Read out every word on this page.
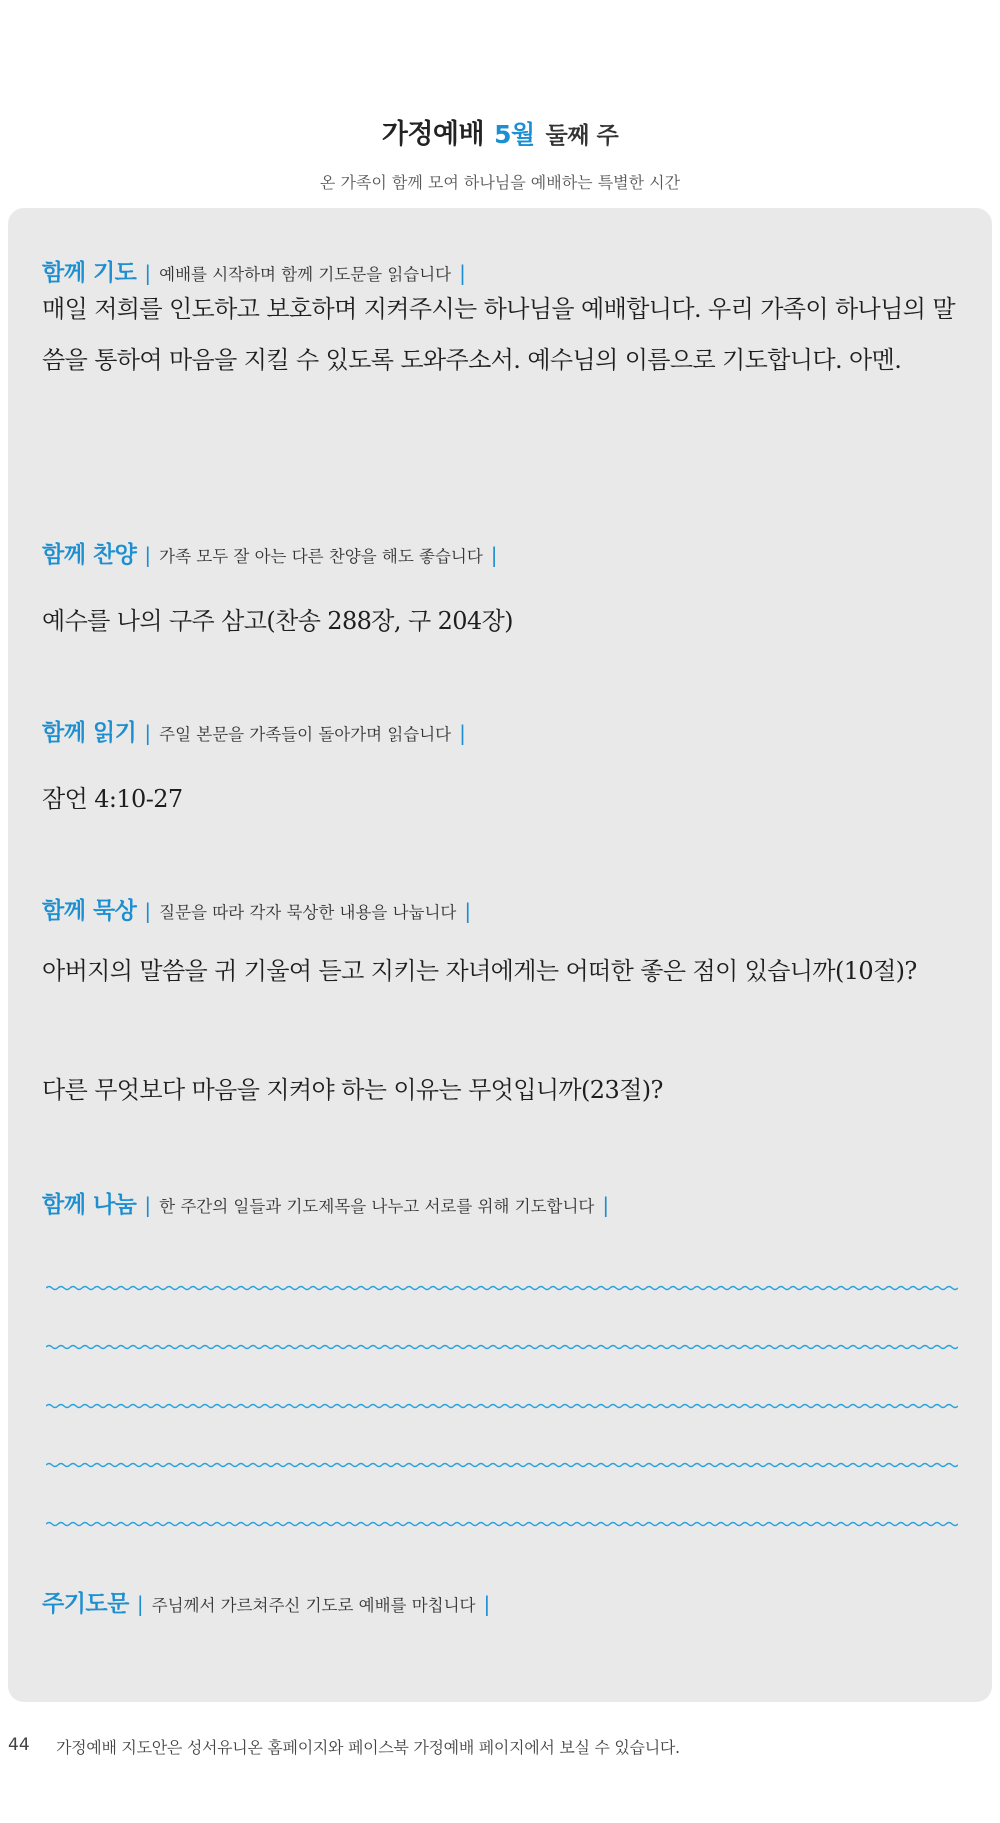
가정예배 5월 둘째 주
온 가족이 함께 모여 하나님을 예배하는 특별한 시간
함께 기도 | 예배를 시작하며 함께 기도문을 읽습니다 |
매일 저희를 인도하고 보호하며 지켜주시는 하나님을 예배합니다. 우리 가족이 하나님의 말씀을 통하여 마음을 지킬 수 있도록 도와주소서. 예수님의 이름으로 기도합니다. 아멘.
함께 찬양 | 가족 모두 잘 아는 다른 찬양을 해도 좋습니다 |
예수를 나의 구주 삼고(찬송 288장, 구 204장)
함께 읽기 | 주일 본문을 가족들이 돌아가며 읽습니다 |
잠언 4:10-27
함께 묵상 | 질문을 따라 각자 묵상한 내용을 나눕니다 |
아버지의 말씀을 귀 기울여 듣고 지키는 자녀에게는 어떠한 좋은 점이 있습니까(10절)?
다른 무엇보다 마음을 지켜야 하는 이유는 무엇입니까(23절)?
함께 나눔 | 한 주간의 일들과 기도제목을 나누고 서로를 위해 기도합니다 |
주기도문 | 주님께서 가르쳐주신 기도로 예배를 마칩니다 |
44 가정예배 지도안은 성서유니온 홈페이지와 페이스북 가정예배 페이지에서 보실 수 있습니다.
